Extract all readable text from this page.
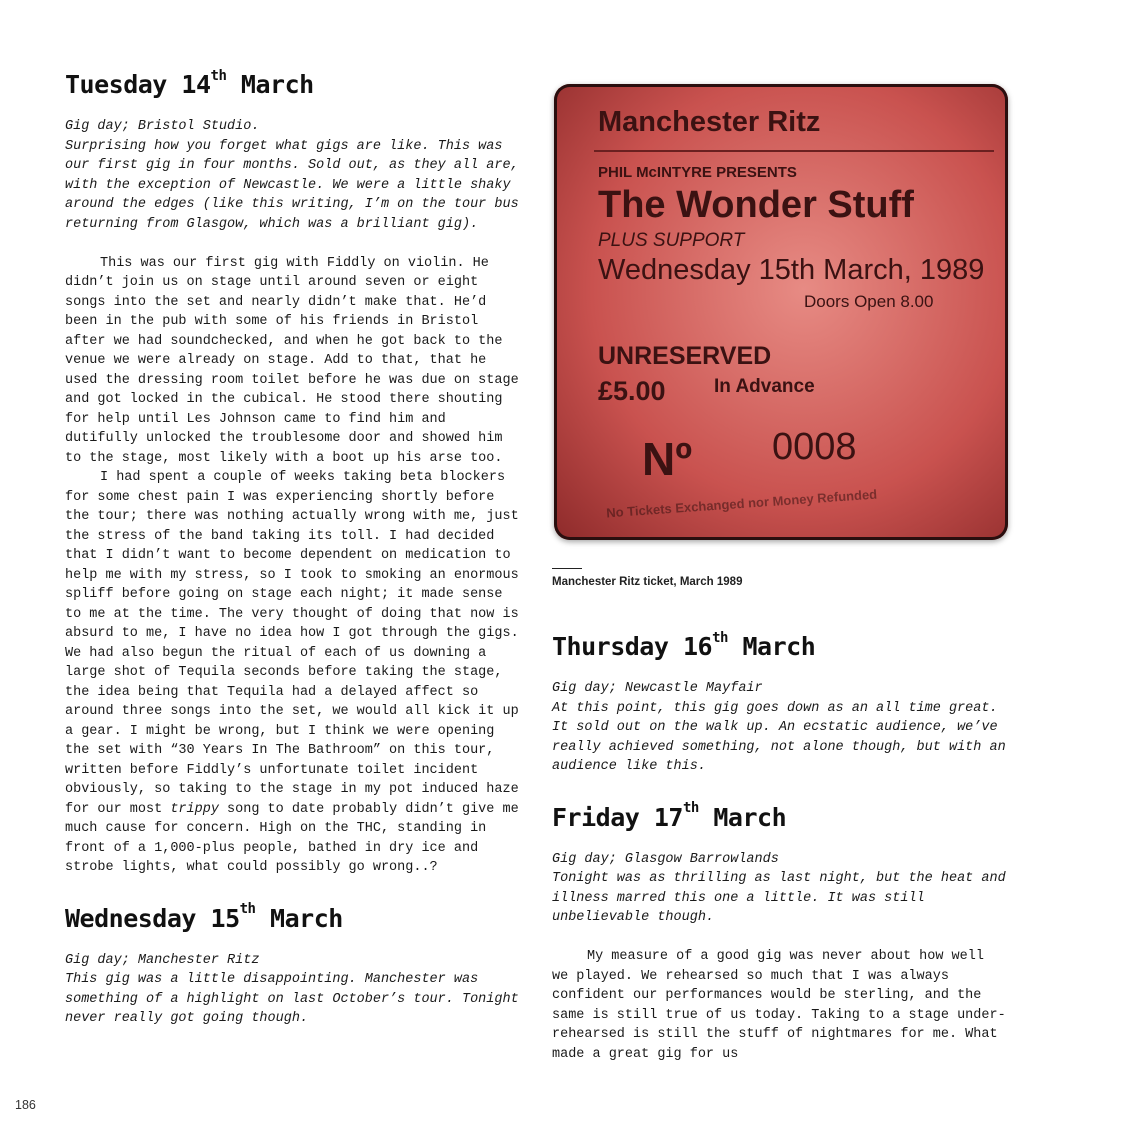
Tuesday 14th March

Gig day; Bristol Studio.

Surprising how you forget what gigs are like. This was our first gig in four months. Sold out, as they all are, with the exception of Newcastle. We were a little shaky around the edges (like this writing, I’m on the tour bus returning from Glasgow, which was a brilliant gig).

This was our first gig with Fiddly on violin. He didn’t join us on stage until around seven or eight songs into the set and nearly didn’t make that. He’d been in the pub with some of his friends in Bristol after we had soundchecked, and when he got back to the venue we were already on stage. Add to that, that he used the dressing room toilet before he was due on stage and got locked in the cubical. He stood there shouting for help until Les Johnson came to find him and dutifully unlocked the troublesome door and showed him to the stage, most likely with a boot up his arse too.

I had spent a couple of weeks taking beta blockers for some chest pain I was experiencing shortly before the tour; there was nothing actually wrong with me, just the stress of the band taking its toll. I had decided that I didn’t want to become dependent on medication to help me with my stress, so I took to smoking an enormous spliff before going on stage each night; it made sense to me at the time. The very thought of doing that now is absurd to me, I have no idea how I got through the gigs. We had also begun the ritual of each of us downing a large shot of Tequila seconds before taking the stage, the idea being that Tequila had a delayed affect so around three songs into the set, we would all kick it up a gear. I might be wrong, but I think we were opening the set with “30 Years In The Bathroom” on this tour, written before Fiddly’s unfortunate toilet incident obviously, so taking to the stage in my pot induced haze for our most trippy song to date probably didn’t give me much cause for concern. High on the THC, standing in front of a 1,000-plus people, bathed in dry ice and strobe lights, what could possibly go wrong..?

Wednesday 15th March

Gig day; Manchester Ritz

This gig was a little disappointing. Manchester was something of a highlight on last October’s tour. Tonight never really got going though.

Manchester Ritz
PHIL McINTYRE PRESENTS
The Wonder Stuff
PLUS SUPPORT
Wednesday 15th March, 1989
Doors Open 8.00
UNRESERVED
£5.00	In Advance
Nº 0008
No Tickets Exchanged nor Money Refunded
Manchester Ritz ticket, March 1989
Thursday 16th March

Gig day; Newcastle Mayfair

At this point, this gig goes down as an all time great. It sold out on the walk up. An ecstatic audience, we’ve really achieved something, not alone though, but with an audience like this.

Friday 17th March

Gig day; Glasgow Barrowlands

Tonight was as thrilling as last night, but the heat and illness marred this one a little. It was still unbelievable though.

My measure of a good gig was never about how well we played. We rehearsed so much that I was always confident our performances would be sterling, and the same is still true of us today. Taking to a stage under-rehearsed is still the stuff of nightmares for me. What made a great gig for us

186
